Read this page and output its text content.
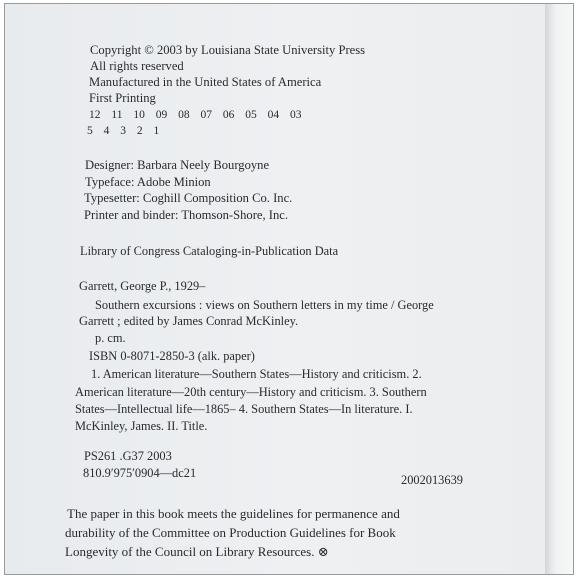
Copyright © 2003 by Louisiana State University Press
All rights reserved
Manufactured in the United States of America
First Printing
12 11 10 09 08 07 06 05 04 03
5 4 3 2 1
Designer: Barbara Neely Bourgoyne
Typeface: Adobe Minion
Typesetter: Coghill Composition Co. Inc.
Printer and binder: Thomson-Shore, Inc.
Library of Congress Cataloging-in-Publication Data
Garrett, George P., 1929–
Southern excursions : views on Southern letters in my time / George
Garrett ; edited by James Conrad McKinley.
p. cm.
ISBN 0-8071-2850-3 (alk. paper)
1. American literature—Southern States—History and criticism. 2.
American literature—20th century—History and criticism. 3. Southern
States—Intellectual life—1865– 4. Southern States—In literature. I.
McKinley, James. II. Title.
PS261 .G37 2003
810.9′975′0904—dc21	2002013639
The paper in this book meets the guidelines for permanence and
durability of the Committee on Production Guidelines for Book
Longevity of the Council on Library Resources. ⊗
